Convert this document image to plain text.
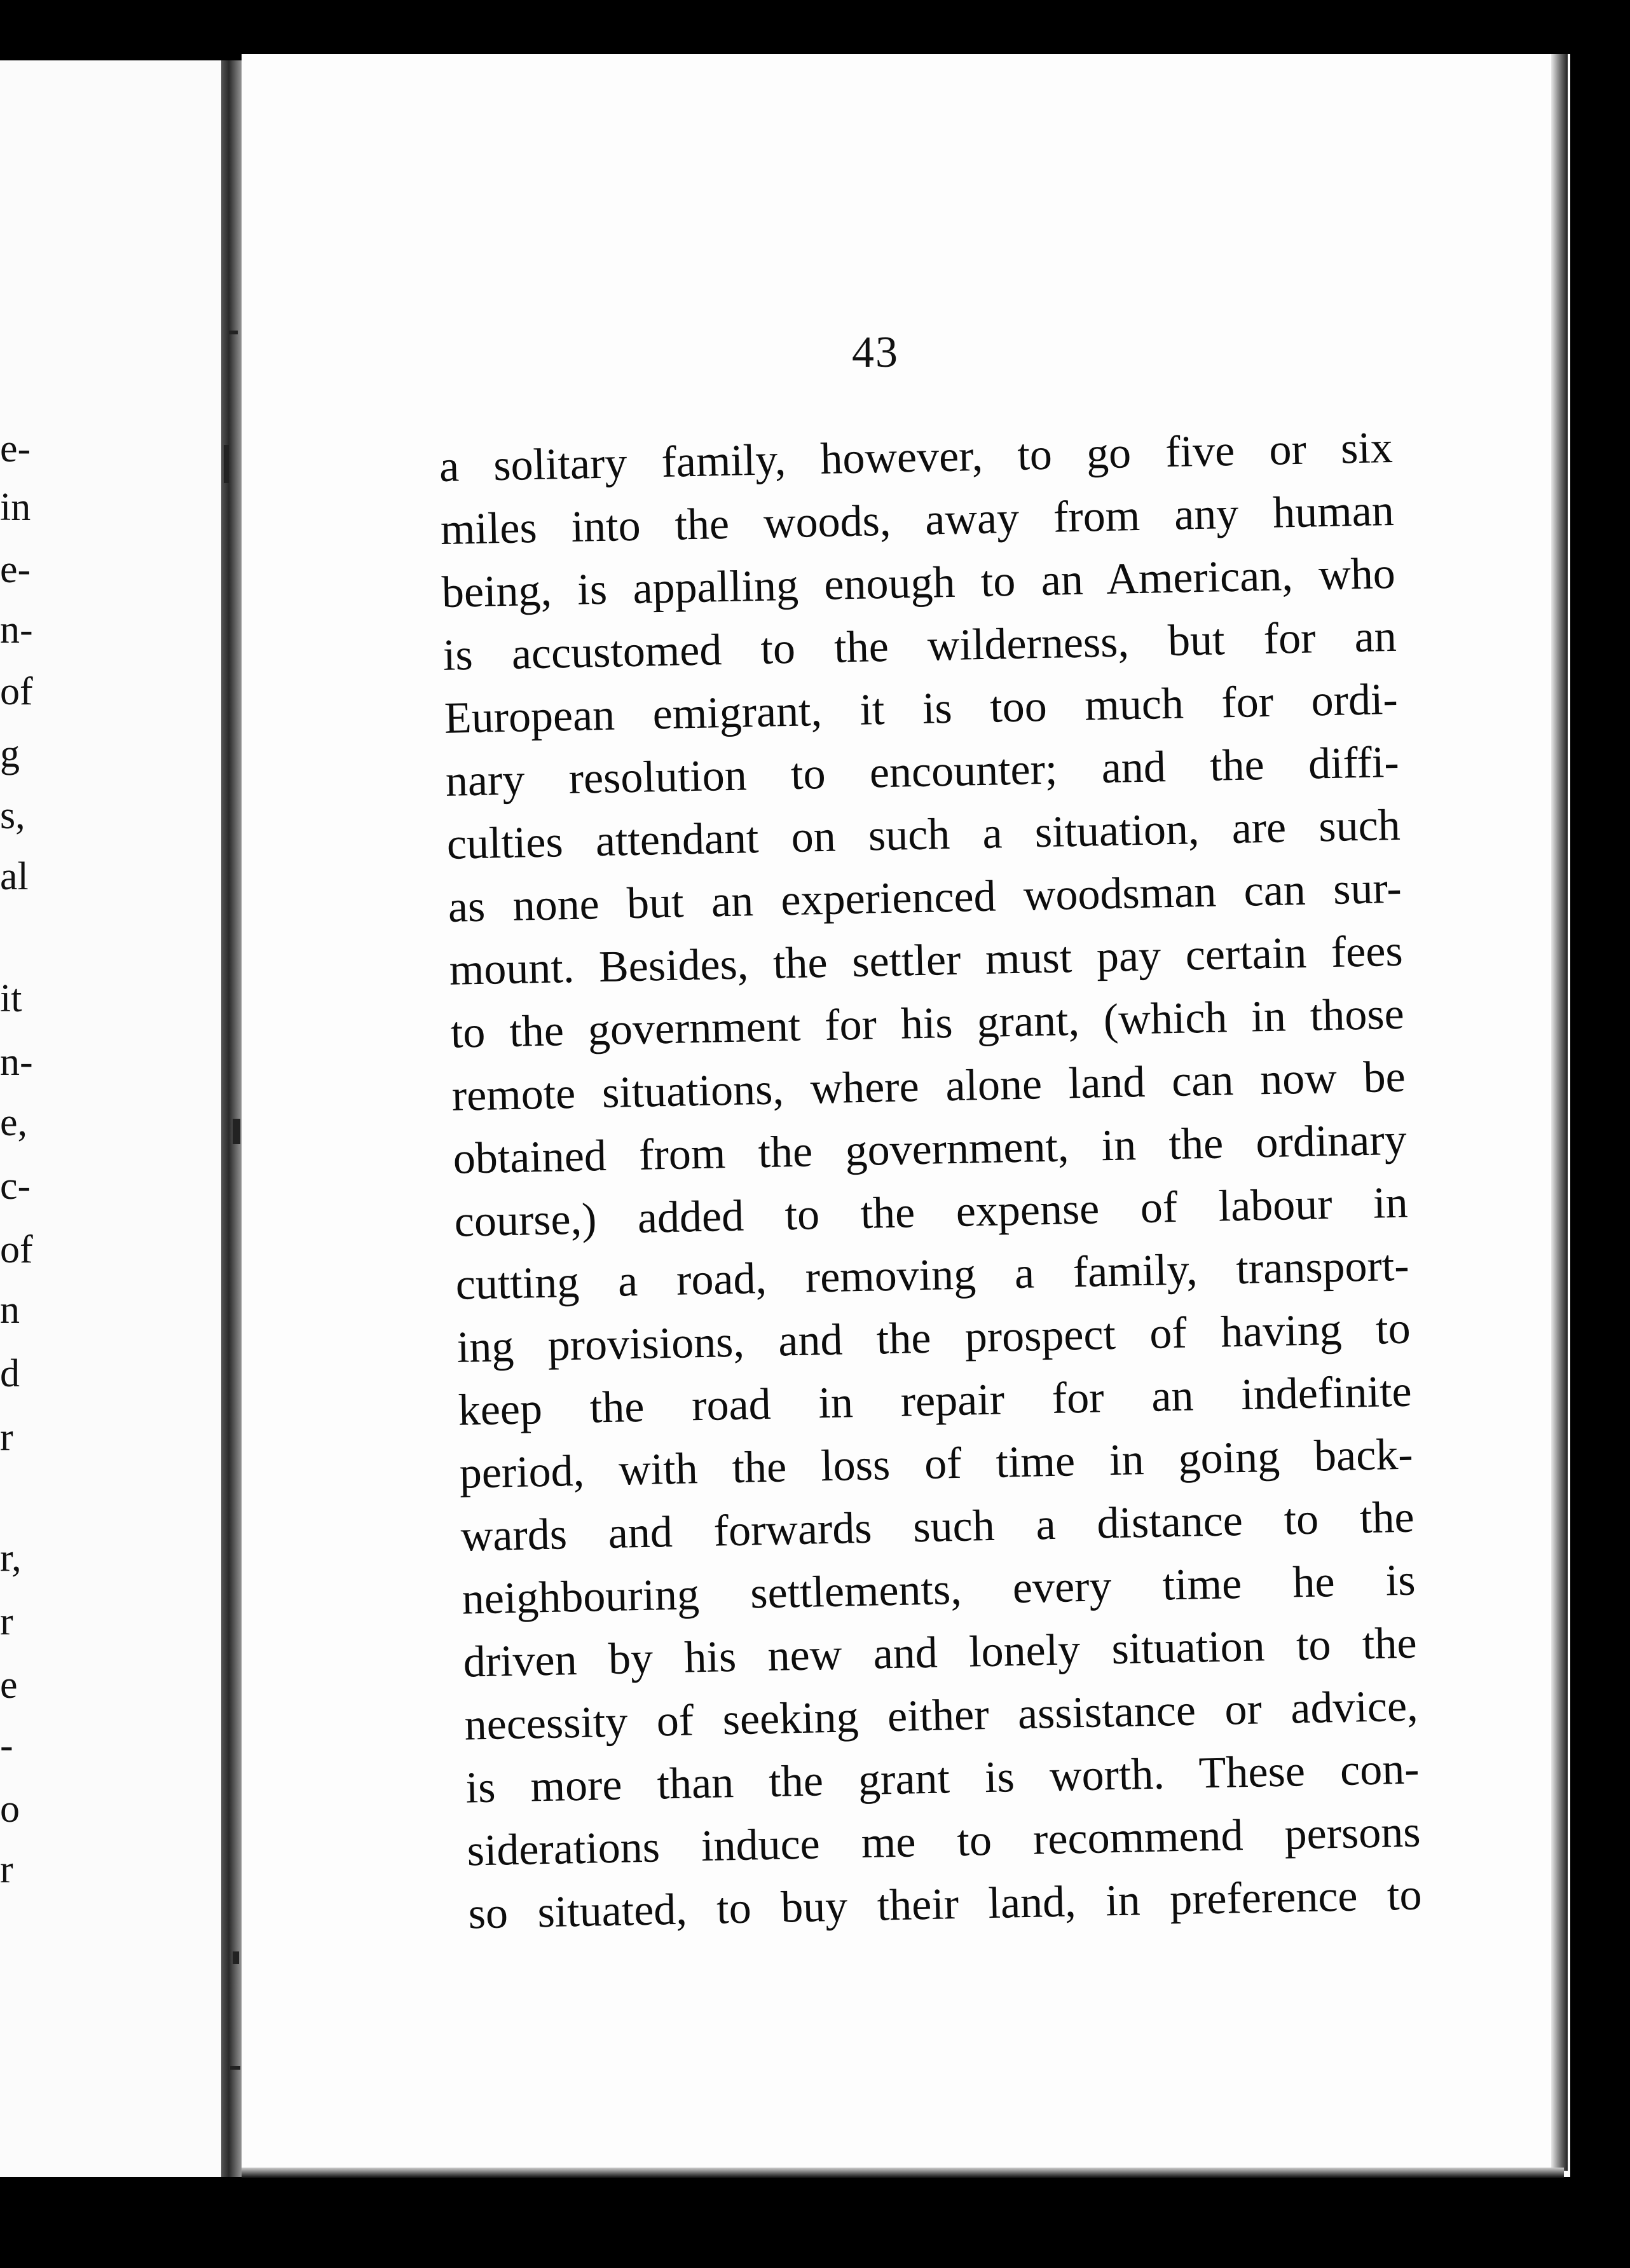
e-
in
e-
n-
of
g
s,
al
it
n-
e,
c-
of
n
d
r
r,
r
e
-
o
r
43
a solitary family, however, to go five or six
miles into the woods, away from any human
being, is appalling enough to an American, who
is accustomed to the wilderness, but for an
European emigrant, it is too much for ordi-
nary resolution to encounter; and the diffi-
culties attendant on such a situation, are such
as none but an experienced woodsman can sur-
mount. Besides, the settler must pay certain fees
to the government for his grant, (which in those
remote situations, where alone land can now be
obtained from the government, in the ordinary
course,) added to the expense of labour in
cutting a road, removing a family, transport-
ing provisions, and the prospect of having to
keep the road in repair for an indefinite
period, with the loss of time in going back-
wards and forwards such a distance to the
neighbouring settlements, every time he is
driven by his new and lonely situation to the
necessity of seeking either assistance or advice,
is more than the grant is worth. These con-
siderations induce me to recommend persons
so situated, to buy their land, in preference to
